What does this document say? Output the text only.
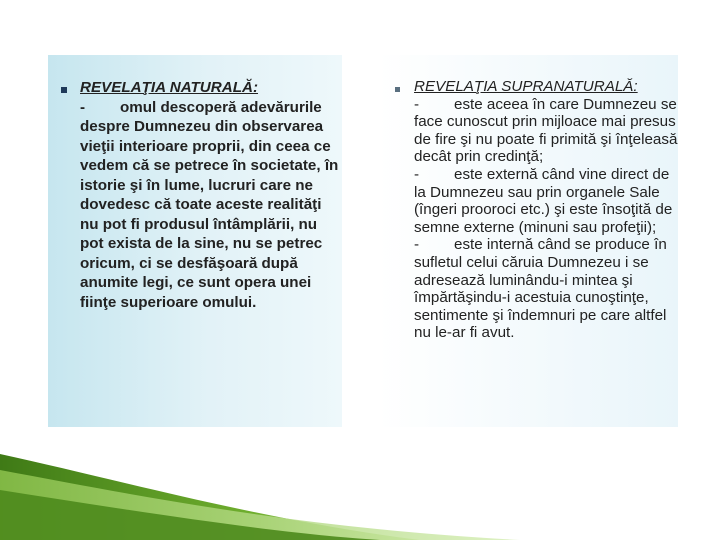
REVELAŢIA NATURALĂ:
- omul descoperă adevărurile despre Dumnezeu din observarea vieţii interioare proprii, din ceea ce vedem că se petrece în societate, în istorie şi în lume, lucruri care ne dovedesc că toate aceste realităţi nu pot fi produsul întâmplării, nu pot exista de la sine, nu se petrec oricum, ci se desfăşoară după anumite legi, ce sunt opera unei fiinţe superioare omului.
REVELAŢIA SUPRANATURALĂ:
- este aceea în care Dumnezeu se face cunoscut prin mijloace mai presus de fire şi nu poate fi primită şi înţeleasă decât prin credinţă;
- este externă când vine direct de la Dumnezeu sau prin organele Sale (îngeri prooroci etc.) şi este însoţită de semne externe (minuni sau profeţii);
- este internă când se produce în sufletul celui căruia Dumnezeu i se adresează luminându-i mintea şi împărtăşindu-i acestuia cunoştinţe, sentimente şi îndemnuri pe care altfel nu le-ar fi avut.
